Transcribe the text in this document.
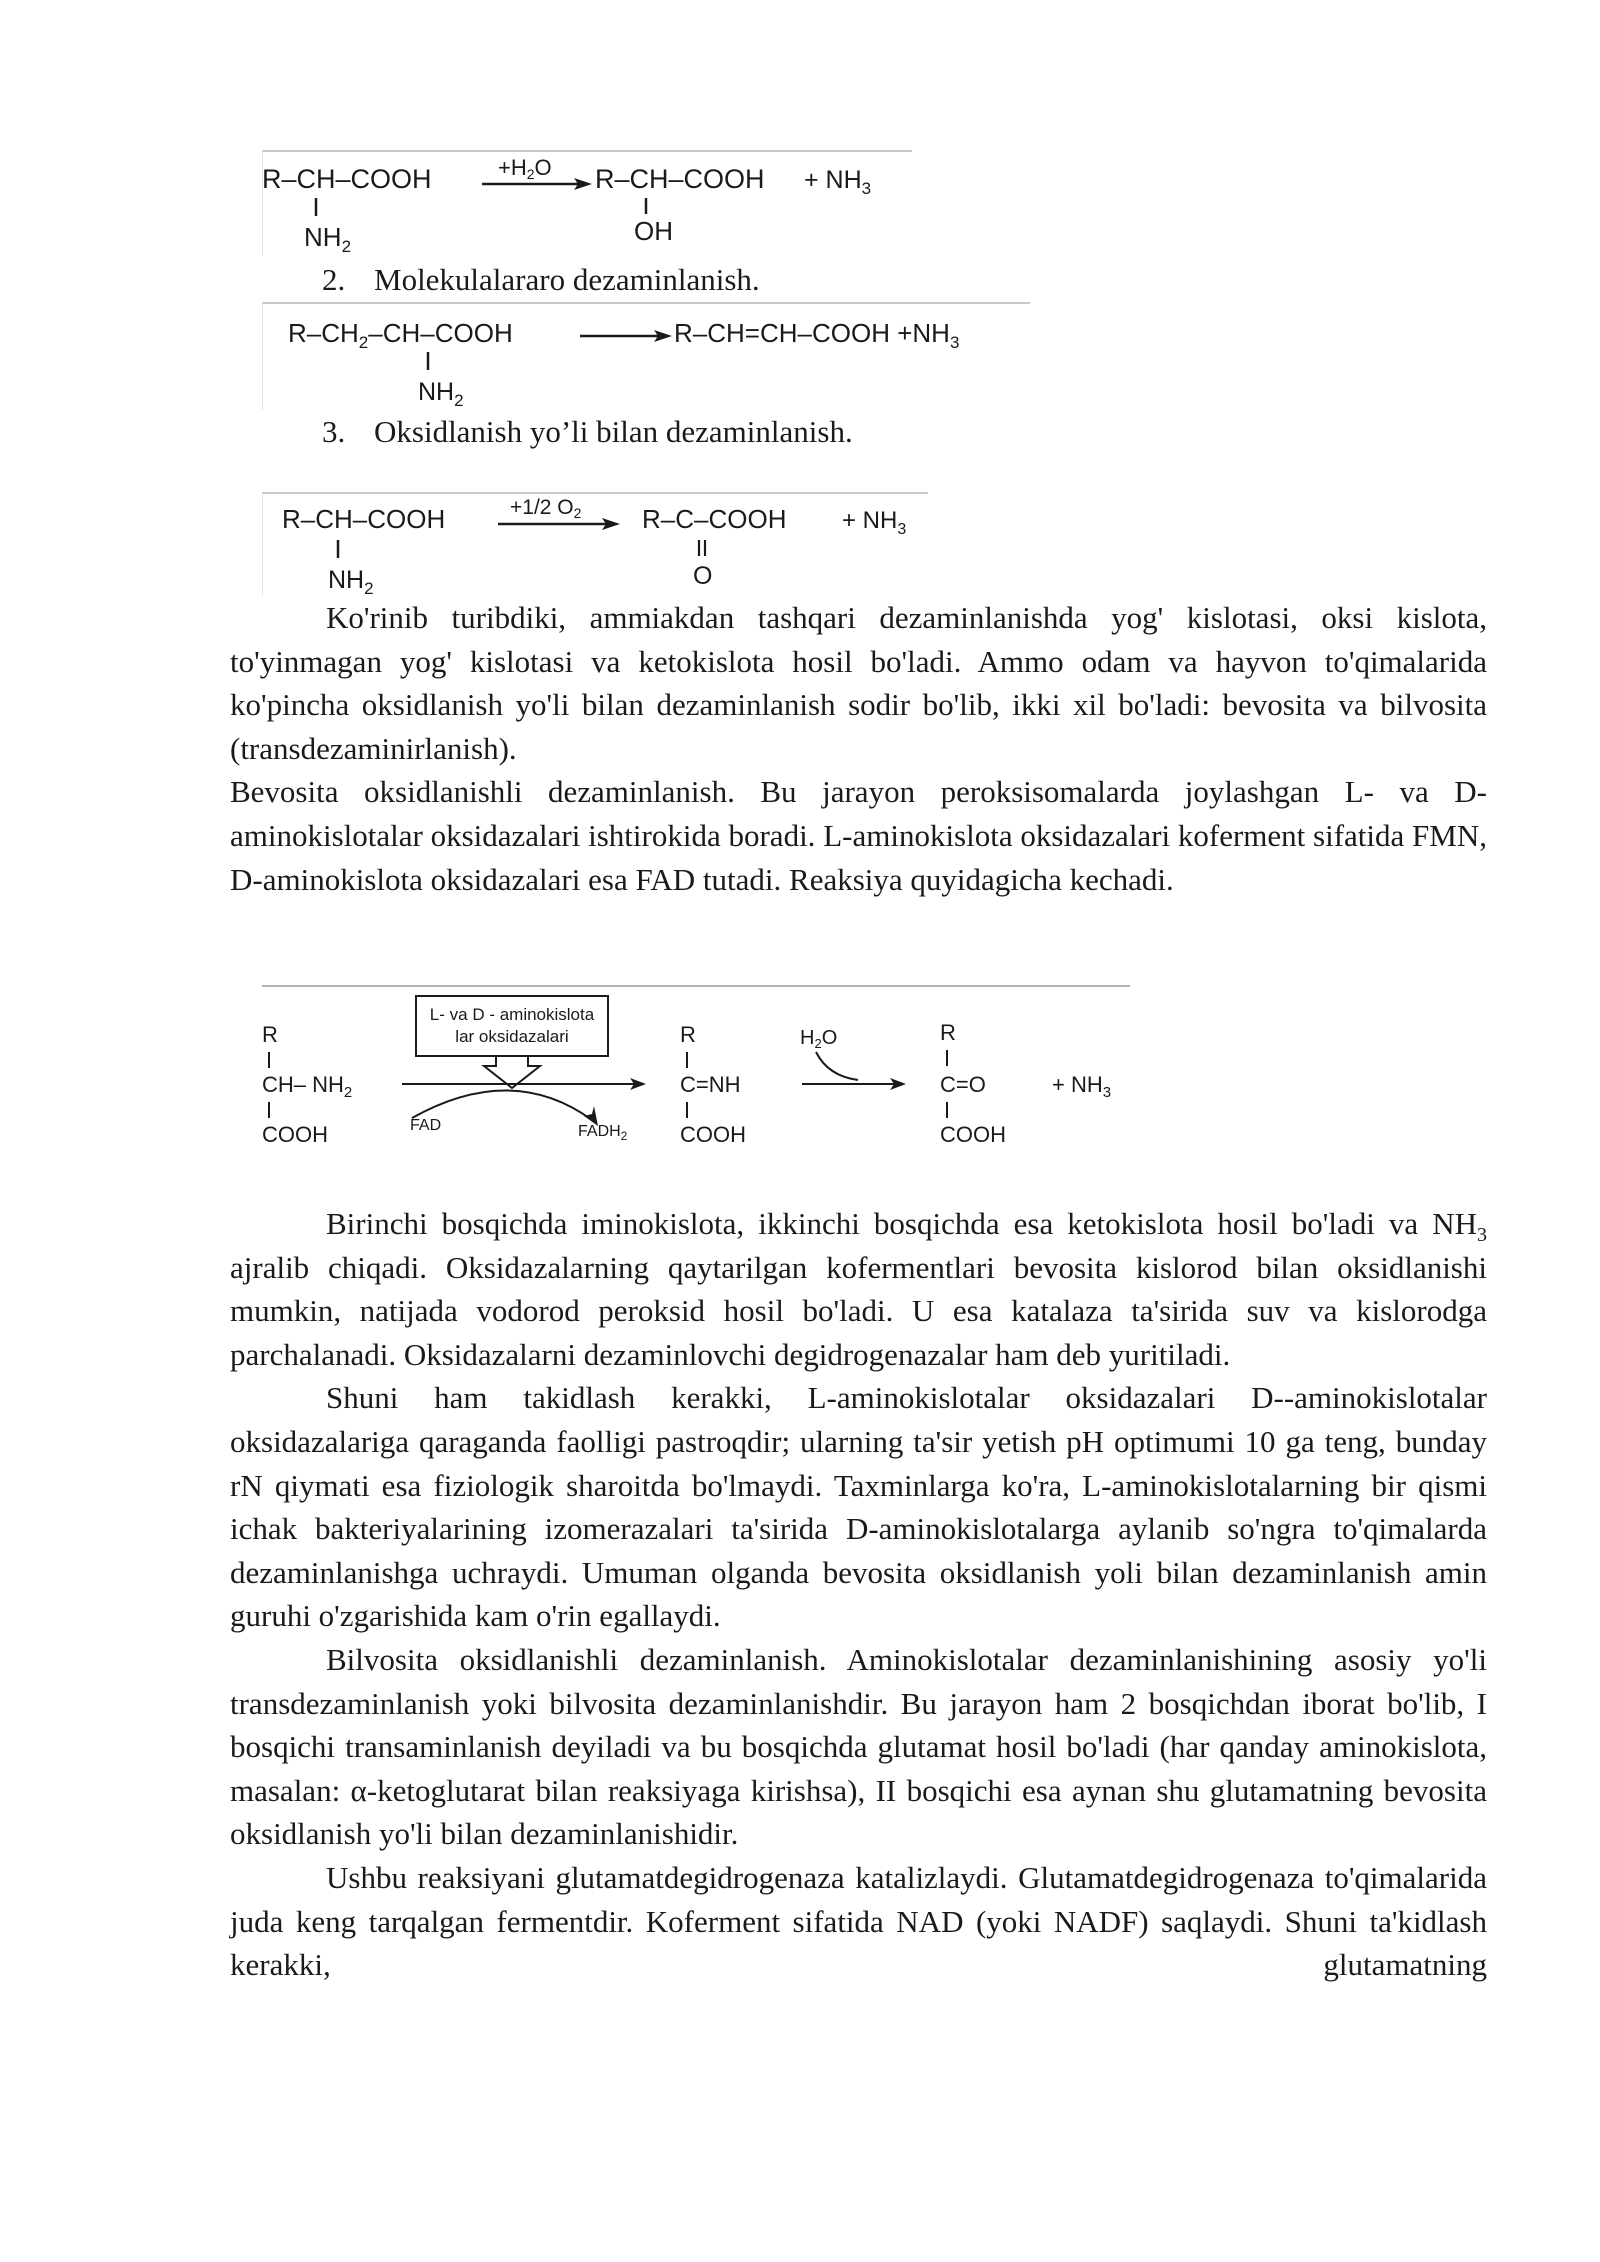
R–CH–COOH
$NH_2$
+H2O R–CH–COOH
OH
+ $NH_3$
2. Molekulalararo dezaminlanish.
$R-CH_2-CH$–COOH
$NH_2$
R–CH=CH–COOH $+NH_3$
3. Oksidlanish yo’li bilan dezaminlanish.
R–CH–COOH
$NH_2$
+1/2 O2 R–C–COOH
O
+ $NH_3$

Ko'rinib turibdiki, ammiakdan tashqari dezaminlanishda yog' kislotasi, oksi kislota, to'yinmagan yog' kislotasi va ketokislota hosil bo'ladi. Ammo odam va hayvon to'qimalarida ko'pincha oksidlanish yo'li bilan dezaminlanish sodir bo'lib, ikki xil bo'ladi: bevosita va bilvosita (transdezaminirlanish).

Bevosita oksidlanishli dezaminlanish. Bu jarayon peroksisomalarda joylashgan L- va D-aminokislotalar oksidazalari ishtirokida boradi. L-aminokislota oksidazalari koferment sifatida FMN, D-aminokislota oksidazalari esa FAD tutadi. Reaksiya quyidagicha kechadi.

L- va D - aminokislota
lar oksidazalari
R
CH– $NH_2$
COOH	FAD	$FADH_2$
R
C=NH
COOH
$H_2O$	R
C=O
COOH
+ $NH_3$

Birinchi bosqichda iminokislota, ikkinchi bosqichda esa ketokislota hosil bo'ladi va $NH_3$ ajralib chiqadi. Oksidazalarning qaytarilgan kofermentlari bevosita kislorod bilan oksidlanishi mumkin, natijada vodorod peroksid hosil bo'ladi. U esa katalaza ta'sirida suv va kislorodga parchalanadi. Oksidazalarni dezaminlovchi degidrogenazalar ham deb yuritiladi.

Shuni ham takidlash kerakki, L-aminokislotalar oksidazalari D--aminokislotalar oksidazalariga qaraganda faolligi pastroqdir; ularning ta'sir yetish pH optimumi 10 ga teng, bunday rN qiymati esa fiziologik sharoitda bo'lmaydi. Taxminlarga ko'ra, L-aminokislotalarning bir qismi ichak bakteriyalarining izomerazalari ta'sirida D-aminokislotalarga aylanib so'ngra to'qimalarda dezaminlanishga uchraydi. Umuman olganda bevosita oksidlanish yoli bilan dezaminlanish amin guruhi o'zgarishida kam o'rin egallaydi.

Bilvosita oksidlanishli dezaminlanish. Aminokislotalar dezaminlanishining asosiy yo'li transdezaminlanish yoki bilvosita dezaminlanishdir. Bu jarayon ham 2 bosqichdan iborat bo'lib, I bosqichi transaminlanish deyiladi va bu bosqichda glutamat hosil bo'ladi (har qanday aminokislota, masalan: α-ketoglutarat bilan reaksiyaga kirishsa), II bosqichi esa aynan shu glutamatning bevosita oksidlanish yo'li bilan dezaminlanishidir.

Ushbu reaksiyani glutamatdegidrogenaza katalizlaydi. Glutamatdegidrogenaza to'qimalarida juda keng tarqalgan fermentdir. Koferment sifatida NAD (yoki NADF) saqlaydi. Shuni ta'kidlash kerakki, glutamatning
